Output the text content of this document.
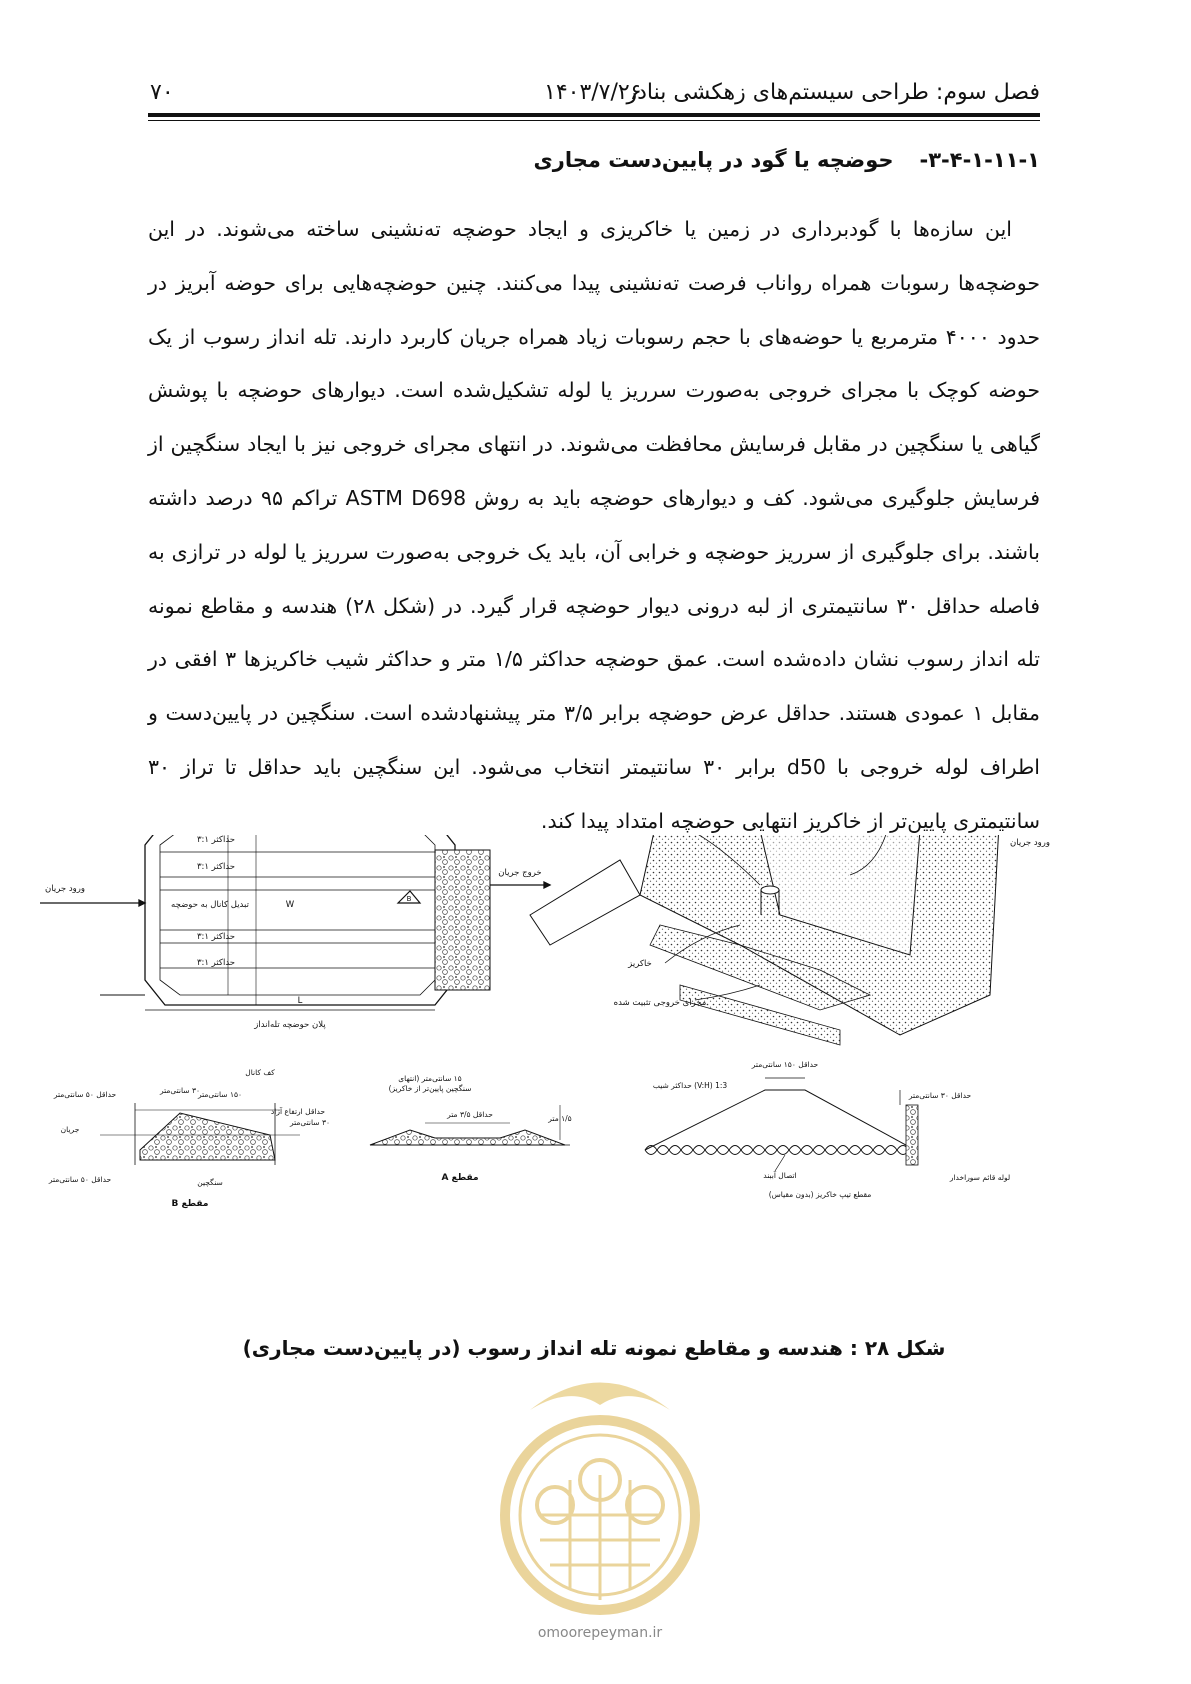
فصل سوم: طراحی سیستم‌های زهکشی بنادر
۱۴۰۳/۷/۲۶
۷۰
۳-۴-۱-۱۱-۱-حوضچه یا گود در پایین‌دست مجاری

این سازه‌ها با گودبرداری در زمین یا خاکریزی و ایجاد حوضچه ته‌نشینی ساخته می‌شوند. در این حوضچه‌ها رسوبات همراه رواناب فرصت ته‌نشینی پیدا می‌کنند. چنین حوضچه‌هایی برای حوضه آبریز در حدود ۴۰۰۰ مترمربع یا حوضه‌های با حجم رسوبات زیاد همراه جریان کاربرد دارند. تله انداز رسوب از یک حوضه کوچک با مجرای خروجی به‌صورت سرریز یا لوله تشکیل‌شده است. دیوارهای حوضچه با پوشش گیاهی یا سنگچین در مقابل فرسایش محافظت می‌شوند. در انتهای مجرای خروجی نیز با ایجاد سنگچین از فرسایش جلوگیری می‌شود. کف و دیوارهای حوضچه باید به روش ASTM D698 تراکم ۹۵ درصد داشته باشند. برای جلوگیری از سرریز حوضچه و خرابی آن، باید یک خروجی به‌صورت سرریز یا لوله در ترازی به فاصله حداقل ۳۰ سانتیمتری از لبه درونی دیوار حوضچه قرار گیرد. در (شکل ۲۸) هندسه و مقاطع نمونه تله انداز رسوب نشان داده‌شده است. عمق حوضچه حداکثر ۱/۵ متر و حداکثر شیب خاکریزها ۳ افقی در مقابل ۱ عمودی هستند. حداقل عرض حوضچه برابر ۳/۵ متر پیشنهادشده است. سنگچین در پایین‌دست و اطراف لوله خروجی با d50 برابر ۳۰ سانتیمتر انتخاب می‌شود. این سنگچین باید حداقل تا تراز ۳۰ سانتیمتری پایین‌تر از خاکریز انتهایی حوضچه امتداد پیدا کند.

حداکثر ۳:۱
حداکثر ۳:۱
تبدیل کانال به حوضچه
حداکثر ۳:۱
حداکثر ۳:۱
ورود جریان
خروج جریان
W
L
B
پلان حوضچه تله‌انداز
ورود جریان
خاکریز
مجرای خروجی تثبیت شده
کف کانال
حداقل ۵۰ سانتی‌متر	۳۰ سانتی‌متر
۱۵۰ سانتی‌متر
حداقل ارتفاع آزاد
۳۰ سانتی‌متر
جریان
حداقل ۵۰ سانتی‌متر	سنگچین
مقطع B
۱۵ سانتی‌متر (انتهای
سنگچین پایین‌تر از خاکریز)
حداقل ۳/۵ متر	۱/۵ متر
مقطع A
حداقل ۱۵۰ سانتی‌متر
1:3 (V:H) حداکثر شیب
حداقل ۳۰ سانتی‌متر
اتصال آببند	لوله قائم سوراخدار
مقطع تیپ خاکریز (بدون مقیاس)
شکل ۲۸ : هندسه و مقاطع نمونه تله انداز رسوب (در پایین‌دست مجاری)
omoorepeyman.ir
